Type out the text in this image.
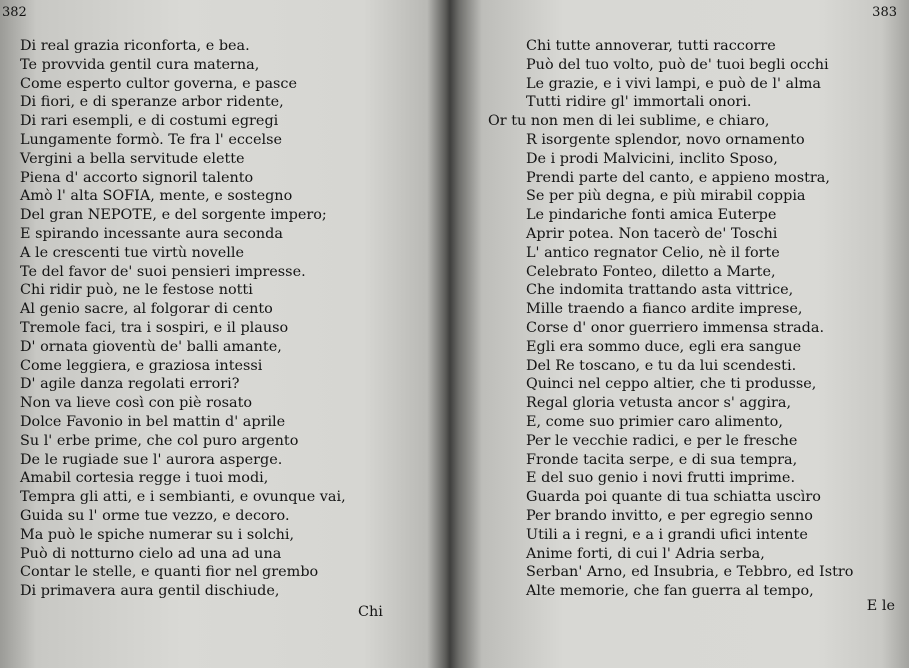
382
Di real grazia riconforta, e bea.
Te provvida gentil cura materna,
Come esperto cultor governa, e pasce
Di fiori, e di speranze arbor ridente,
Di rari esempli, e di costumi egregi
Lungamente formò. Te fra l' eccelse
Vergini a bella servitude elette
Piena d' accorto signoril talento
Amò l' alta SOFIA, mente, e sostegno
Del gran NEPOTE, e del sorgente impero;
E spirando incessante aura seconda
A le crescenti tue virtù novelle
Te del favor de' suoi pensieri impresse.
Chi ridir può, ne le festose notti
Al genio sacre, al folgorar di cento
Tremole faci, tra i sospiri, e il plauso
D' ornata gioventù de' balli amante,
Come leggiera, e graziosa intessi
D' agile danza regolati errori?
Non va lieve così con piè rosato
Dolce Favonio in bel mattin d' aprile
Su l' erbe prime, che col puro argento
De le rugiade sue l' aurora asperge.
Amabil cortesia regge i tuoi modi,
Tempra gli atti, e i sembianti, e ovunque vai,
Guida su l' orme tue vezzo, e decoro.
Ma può le spiche numerar su i solchi,
Può di notturno cielo ad una ad una
Contar le stelle, e quanti fior nel grembo
Di primavera aura gentil dischiude,
Chi
383
Chi tutte annoverar, tutti raccorre
Può del tuo volto, può de' tuoi begli occhi
Le grazie, e i vivi lampi, e può de l' alma
Tutti ridire gl' immortali onori.
Or tu non men di lei sublime, e chiaro,
R isorgente splendor, novo ornamento
De i prodi Malvicini, inclito Sposo,
Prendi parte del canto, e appieno mostra,
Se per più degna, e più mirabil coppia
Le pindariche fonti amica Euterpe
Aprir potea. Non tacerò de' Toschi
L' antico regnator Celio, nè il forte
Celebrato Fonteo, diletto a Marte,
Che indomita trattando asta vittrice,
Mille traendo a fianco ardite imprese,
Corse d' onor guerriero immensa strada.
Egli era sommo duce, egli era sangue
Del Re toscano, e tu da lui scendesti.
Quinci nel ceppo altier, che ti produsse,
Regal gloria vetusta ancor s' aggira,
E, come suo primier caro alimento,
Per le vecchie radici, e per le fresche
Fronde tacita serpe, e di sua tempra,
E del suo genio i novi frutti imprime.
Guarda poi quante di tua schiatta uscìro
Per brando invitto, e per egregio senno
Utili a i regni, e a i grandi ufici intente
Anime forti, di cui l' Adria serba,
Serban' Arno, ed Insubria, e Tebbro, ed Istro
Alte memorie, che fan guerra al tempo,
E le
